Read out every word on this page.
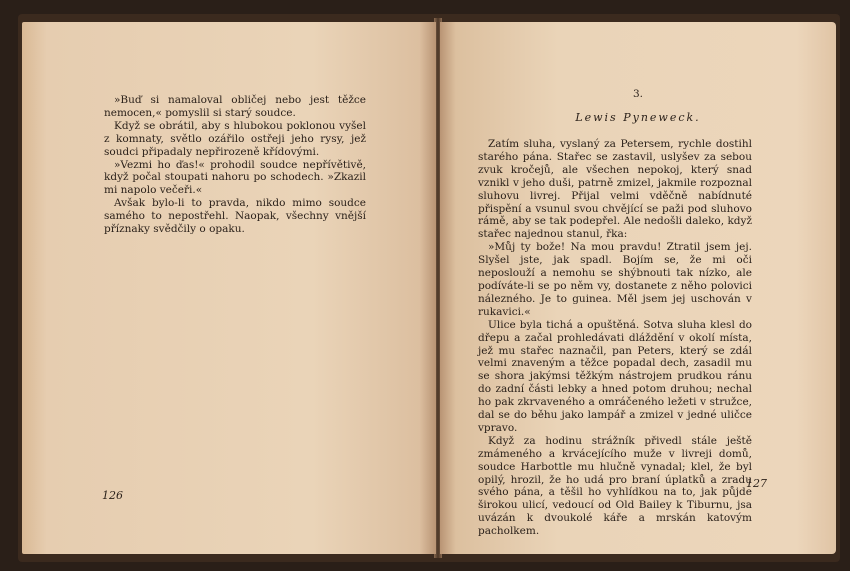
»Buď si namaloval obličej nebo jest těžce nemocen,« pomyslil si starý soudce.

Když se obrátil, aby s hlubokou poklonou vyšel z komnaty, světlo ozářilo ostřeji jeho rysy, jež soudci připadaly nepřirozeně křídovými.

»Vezmi ho ďas!« prohodil soudce nepřívětivě, když počal stoupati nahoru po schodech. »Zkazil mi napolo večeři.«

Avšak bylo-li to pravda, nikdo mimo soudce samého to nepostřehl. Naopak, všechny vnější příznaky svědčily o opaku.

126
3.
Lewis Pyneweck.

Zatím sluha, vyslaný za Petersem, rychle dostihl starého pána. Stařec se zastavil, uslyšev za sebou zvuk kročejů, ale všechen nepokoj, který snad vznikl v jeho duši, patrně zmizel, jakmile rozpoznal sluhovu livrej. Přijal velmi vděčně nabídnuté přispění a vsunul svou chvějící se paži pod sluhovo rámě, aby se tak podepřel. Ale nedošli daleko, když stařec najednou stanul, řka:

»Můj ty bože! Na mou pravdu! Ztratil jsem jej. Slyšel jste, jak spadl. Bojím se, že mi oči neposlouží a nemohu se shýbnouti tak nízko, ale podíváte-li se po něm vy, dostanete z něho polovici nálezného. Je to guinea. Měl jsem jej uschován v rukavici.«

Ulice byla tichá a opuštěná. Sotva sluha klesl do dřepu a začal prohledávati dláždění v okolí místa, jež mu stařec naznačil, pan Peters, který se zdál velmi znaveným a těžce popadal dech, zasadil mu se shora jakýmsi těžkým nástrojem prudkou ránu do zadní části lebky a hned potom druhou; nechal ho pak zkrvaveného a omráčeného ležeti v stružce, dal se do běhu jako lampář a zmizel v jedné uličce vpravo.

Když za hodinu strážník přivedl stále ještě zmámeného a krvácejícího muže v livreji domů, soudce Harbottle mu hlučně vynadal; klel, že byl opilý, hrozil, že ho udá pro braní úplatků a zradu svého pána, a těšil ho vyhlídkou na to, jak půjde širokou ulicí, vedoucí od Old Bailey k Tiburnu, jsa uvázán k dvoukolé káře a mrskán katovým pacholkem.

127
